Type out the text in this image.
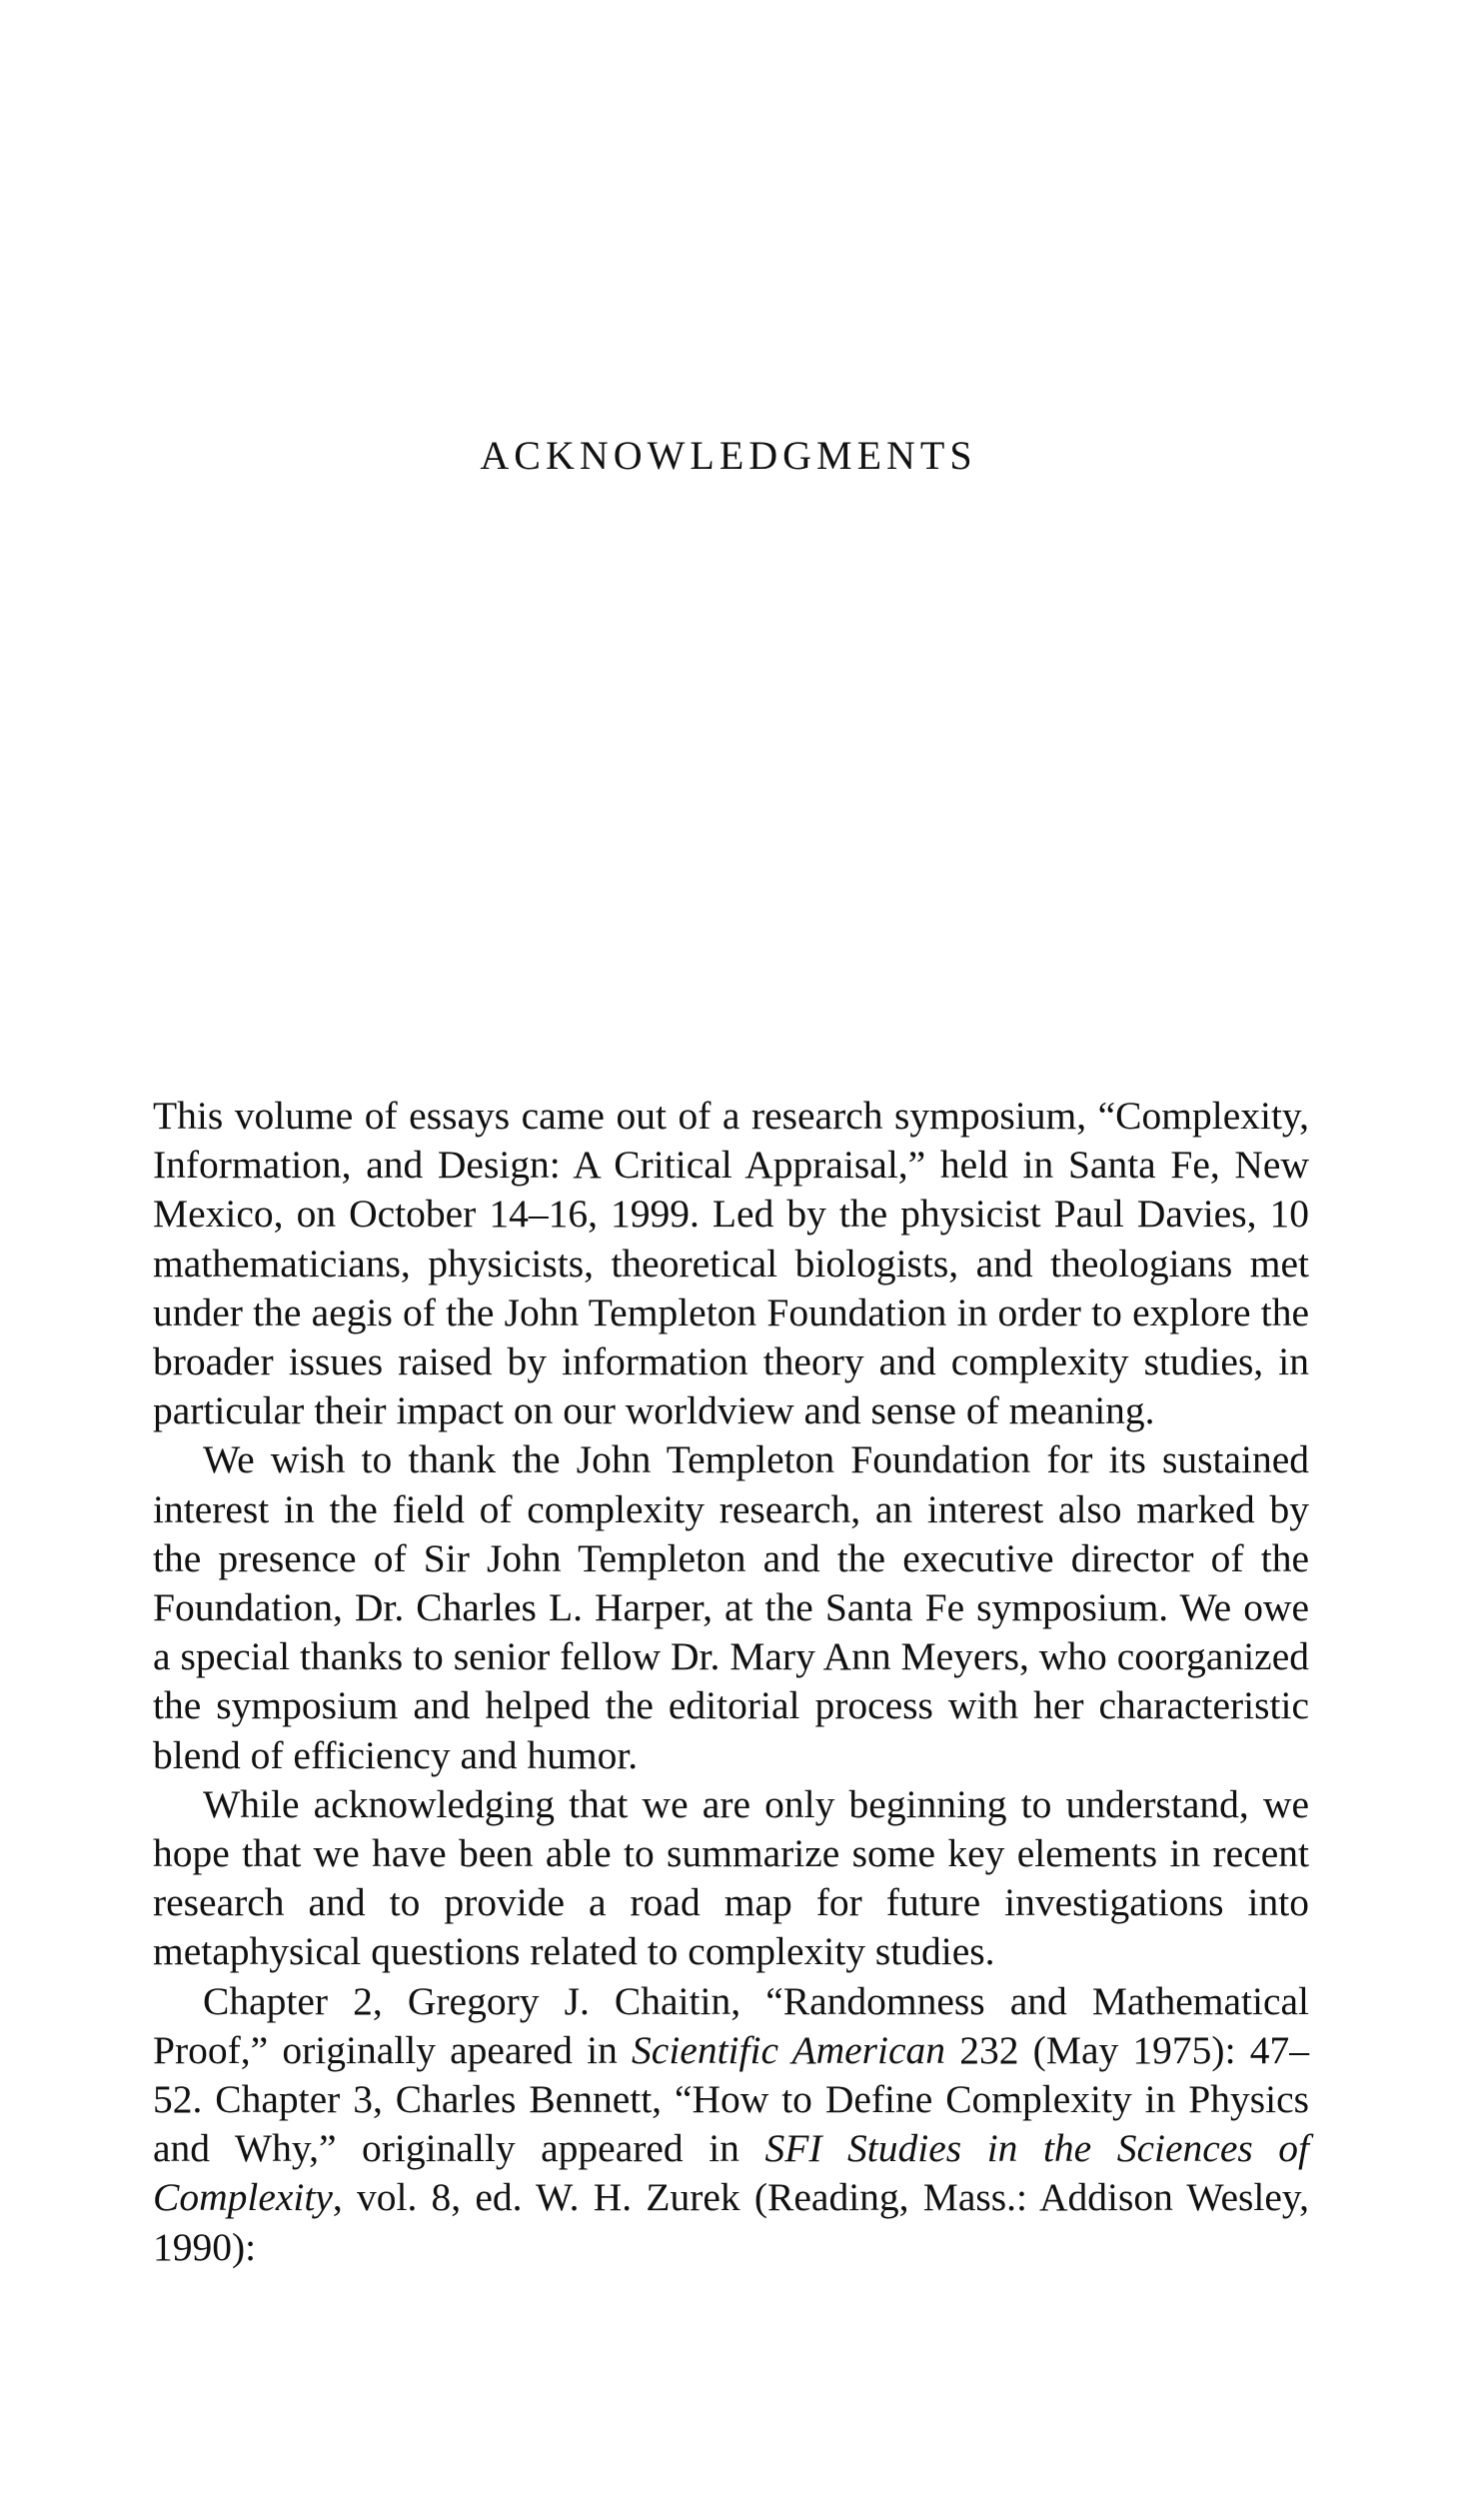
ACKNOWLEDGMENTS

This volume of essays came out of a research symposium, “Complexity, Information, and Design: A Critical Appraisal,” held in Santa Fe, New Mexico, on October 14–16, 1999. Led by the physicist Paul Davies, 10 mathematicians, physicists, theoretical biologists, and theologians met under the aegis of the John Templeton Foundation in order to explore the broader issues raised by information theory and complexity studies, in particular their impact on our worldview and sense of meaning.

We wish to thank the John Templeton Foundation for its sustained interest in the field of complexity research, an interest also marked by the presence of Sir John Templeton and the executive director of the Foundation, Dr. Charles L. Harper, at the Santa Fe symposium. We owe a special thanks to senior fellow Dr. Mary Ann Meyers, who coorganized the symposium and helped the editorial process with her characteristic blend of efficiency and humor.

While acknowledging that we are only beginning to understand, we hope that we have been able to summarize some key elements in recent research and to provide a road map for future investigations into metaphysical questions related to complexity studies.

Chapter 2, Gregory J. Chaitin, “Randomness and Mathematical Proof,” originally apeared in Scientific American 232 (May 1975): 47–52. Chapter 3, Charles Bennett, “How to Define Complexity in Physics and Why,” originally appeared in SFI Studies in the Sciences of Complexity, vol. 8, ed. W. H. Zurek (Reading, Mass.: Addison Wesley, 1990):
